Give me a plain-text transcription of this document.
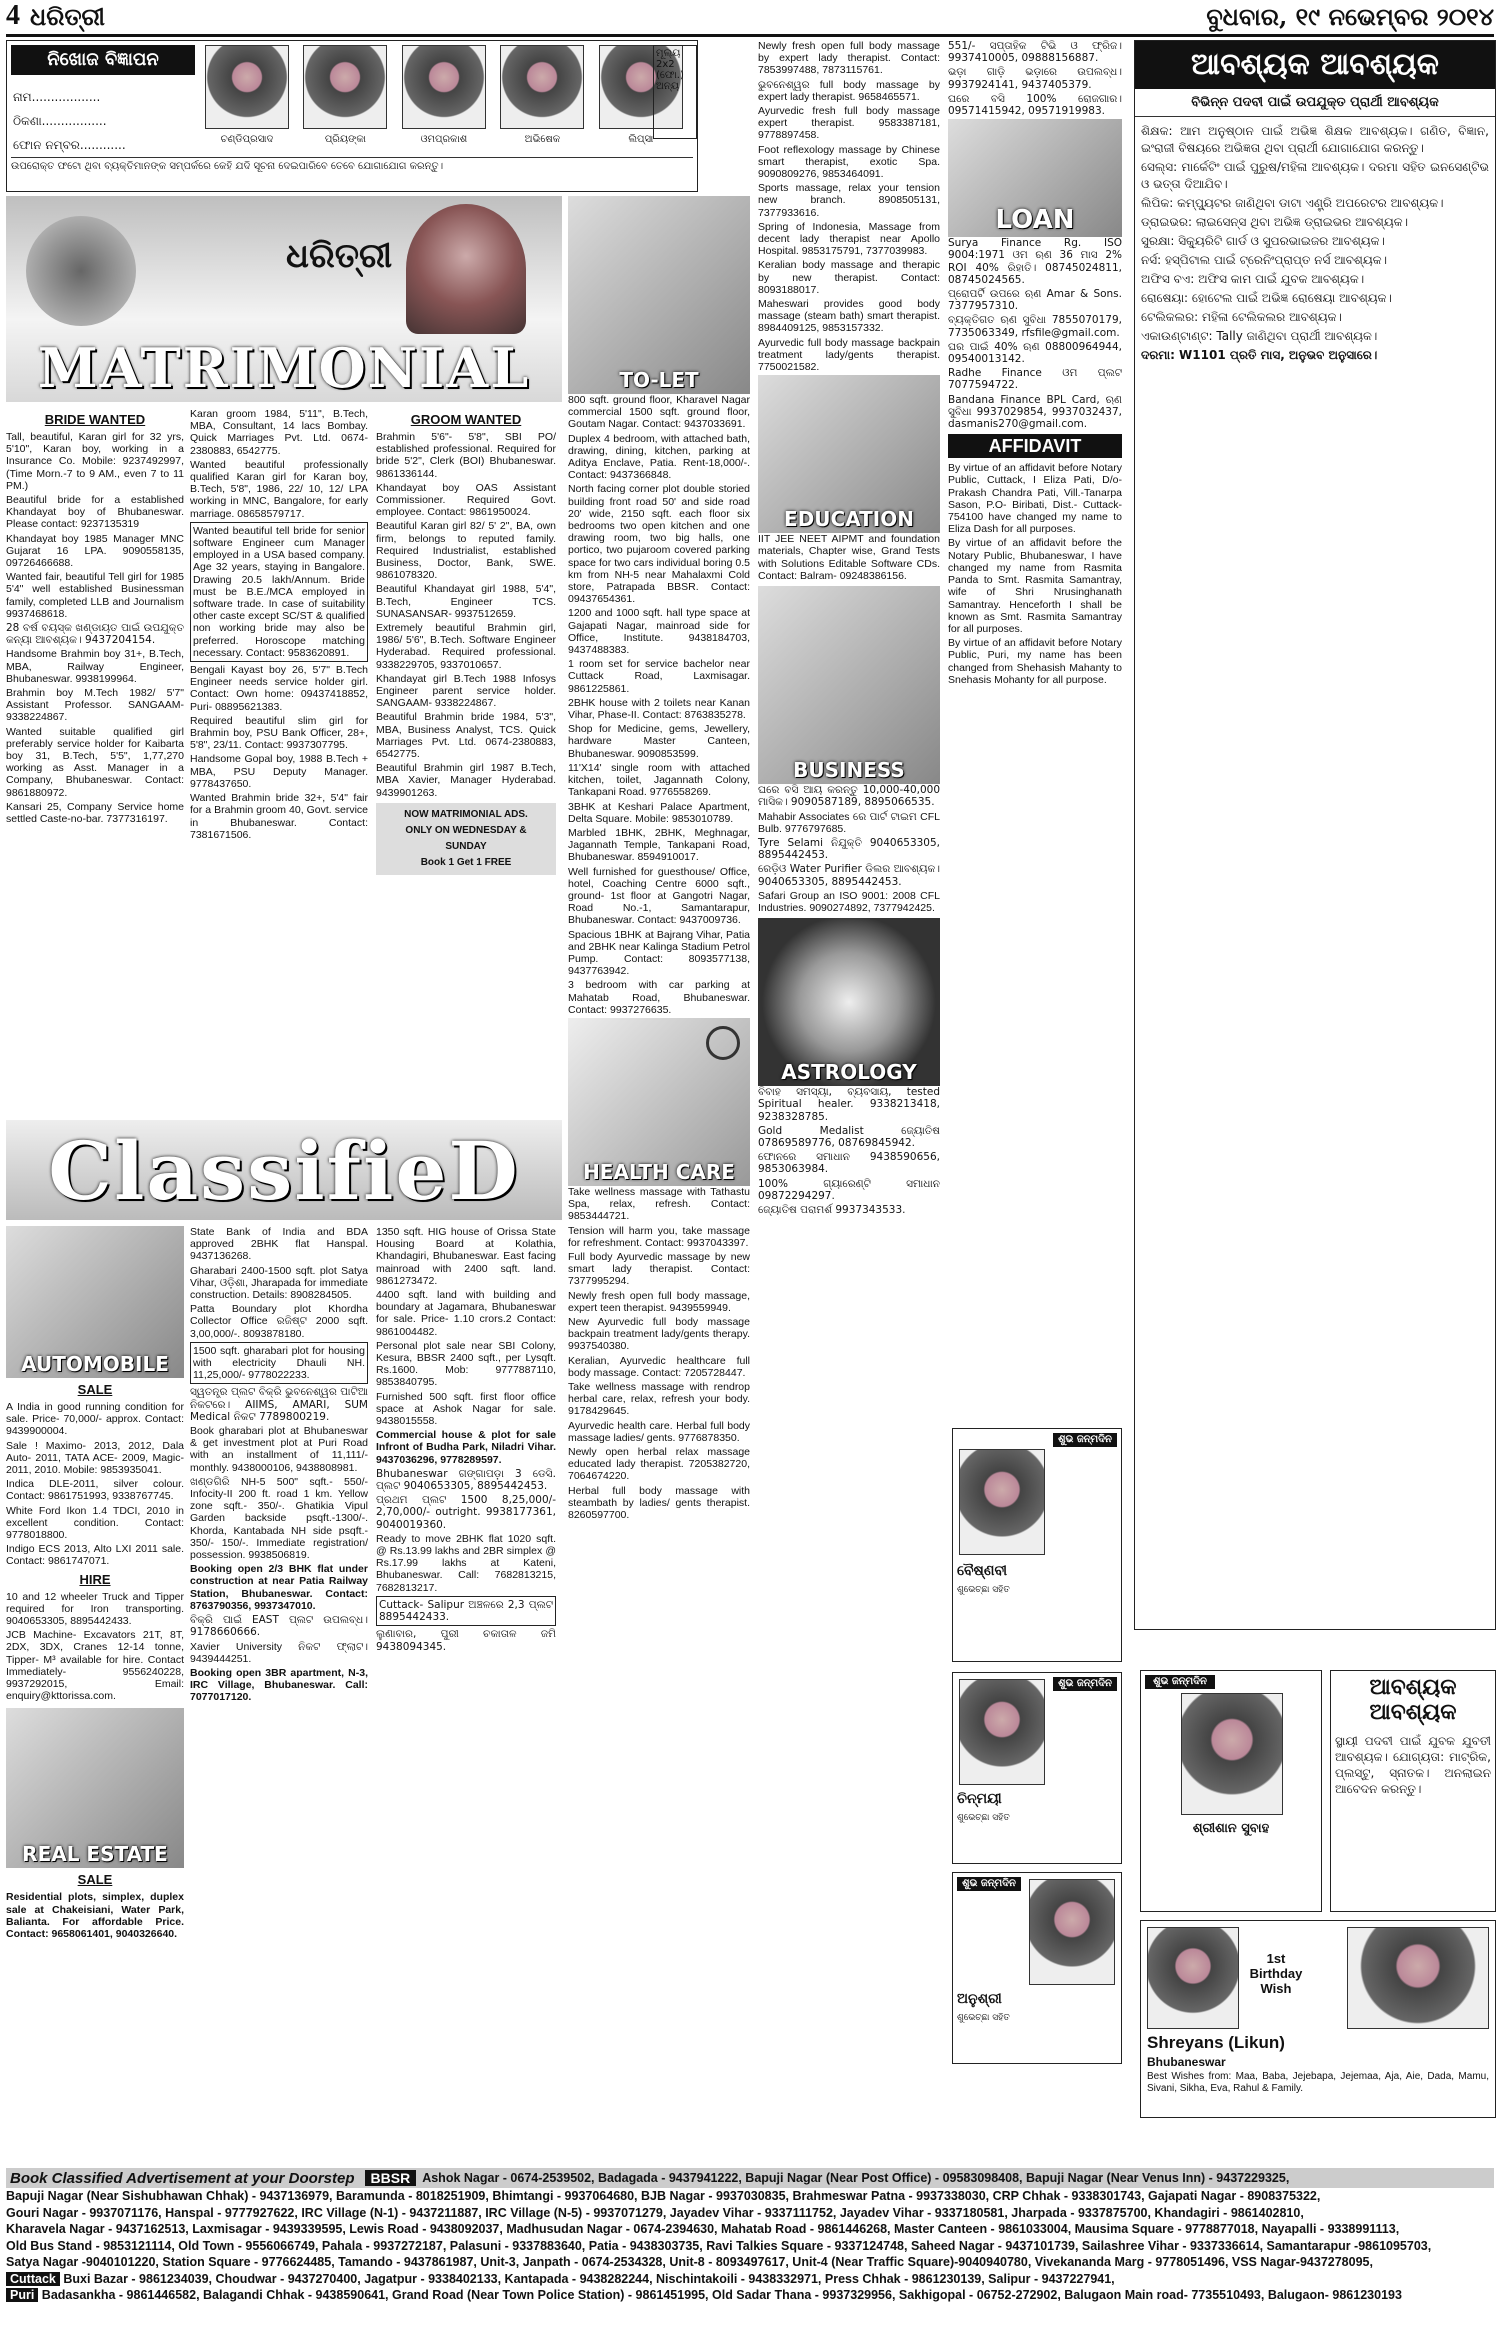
4 ଧରିତ୍ରୀ	ବୁଧବାର, ୧୯ ନଭେମ୍ବର ୨୦୧୪
ନିଖୋଜ ବିଜ୍ଞାପନ
ନାମ..................
ଠିକଣା.................
ଫୋନ ନମ୍ବର............	ଚଣ୍ଡିପ୍ରସାଦ
	ପ୍ରିୟଙ୍କା
	ଓମପ୍ରକାଶ
	ଅଭିଷେକ
	ଲିପ୍ସା
ମୂଲ୍ୟ 2x2 (ଫୋ.) ଅନ୍ୟ
ଉପରୋକ୍ତ ଫଟୋ ଥିବା ବ୍ୟକ୍ତିମାନଙ୍କ ସମ୍ପର୍କରେ କେହି ଯଦି ସୂଚନା ଦେଇପାରିବେ ତେବେ ଯୋଗାଯୋଗ କରନ୍ତୁ।
ଧରିତ୍ରୀ
MATRIMONIAL
BRIDE WANTED

Tall, beautiful, Karan girl for 32 yrs, 5'10", Karan boy, working in a Insurance Co. Mobile: 9237492997, (Time Morn.-7 to 9 AM., even 7 to 11 PM.)

Beautiful bride for a established Khandayat boy of Bhubaneswar. Please contact: 9237135319

Khandayat boy 1985 Manager MNC Gujarat 16 LPA. 9090558135, 09726466688.

Wanted fair, beautiful Tell girl for 1985 5'4" well established Businessman family, completed LLB and Journalism 9937468618.

28 ବର୍ଷ ବୟସ୍କ ଖଣ୍ଡାୟତ ପାଇଁ ଉପଯୁକ୍ତ କନ୍ୟା ଆବଶ୍ୟକ। 9437204154.

Handsome Brahmin boy 31+, B.Tech, MBA, Railway Engineer, Bhubaneswar. 9938199964.

Brahmin boy M.Tech 1982/ 5'7" Assistant Professor. SANGAAM- 9338224867.

Wanted suitable qualified girl preferably service holder for Kaibarta boy 31, B.Tech, 5'5", 1,77,270 working as Asst. Manager in a Company, Bhubaneswar. Contact: 9861880972.

Kansari 25, Company Service home settled Caste-no-bar. 7377316197.

Karan groom 1984, 5'11", B.Tech, MBA, Consultant, 14 lacs Bombay. Quick Marriages Pvt. Ltd. 0674-2380883, 6542775.

Wanted beautiful professionally qualified Karan girl for Karan boy, B.Tech, 5'8", 1986, 22/ 10, 12/ LPA working in MNC, Bangalore, for early marriage. 08658579717.

Wanted beautiful tell bride for senior software Engineer cum Manager employed in a USA based company. Age 32 years, staying in Bangalore. Drawing 20.5 lakh/Annum. Bride must be B.E./MCA employed in software trade. In case of suitability other caste except SC/ST & qualified non working bride may also be preferred. Horoscope matching necessary. Contact: 9583620891.

Bengali Kayast boy 26, 5'7" B.Tech Engineer needs service holder girl. Contact: Own home: 09437418852, Puri- 08895621383.

Required beautiful slim girl for Brahmin boy, PSU Bank Officer, 28+, 5'8", 23/11. Contact: 9937307795.

Handsome Gopal boy, 1988 B.Tech + MBA, PSU Deputy Manager. 9778437650.

Wanted Brahmin bride 32+, 5'4" fair for a Brahmin groom 40, Govt. service in Bhubaneswar. Contact: 7381671506.

GROOM WANTED

Brahmin 5'6"- 5'8", SBI PO/ established professional. Required for bride 5'2", Clerk (BOI) Bhubaneswar. 9861336144.

Khandayat boy OAS Assistant Commissioner. Required Govt. employee. Contact: 9861950024.

Beautiful Karan girl 82/ 5' 2", BA, own firm, belongs to reputed family. Required Industrialist, established Business, Doctor, Bank, SWE. 9861078320.

Beautiful Khandayat girl 1988, 5'4", B.Tech, Engineer TCS. SUNASANSAR- 9937512659.

Extremely beautiful Brahmin girl, 1986/ 5'6", B.Tech. Software Engineer Hyderabad. Required professional. 9338229705, 9337010657.

Khandayat girl B.Tech 1988 Infosys Engineer parent service holder. SANGAAM- 9338224867.

Beautiful Brahmin bride 1984, 5'3", MBA, Business Analyst, TCS. Quick Marriages Pvt. Ltd. 0674-2380883, 6542775.

Beautiful Brahmin girl 1987 B.Tech, MBA Xavier, Manager Hyderabad. 9439901263.

NOW MATRIMONIAL ADS.
ONLY ON WEDNESDAY &
SUNDAY
Book 1 Get 1 FREE
ClassifieD
AUTOMOBILE
SALE

A India in good running condition for sale. Price- 70,000/- approx. Contact: 9439900004.

Sale ! Maximo- 2013, 2012, Dala Auto- 2011, TATA ACE- 2009, Magic- 2011, 2010. Mobile: 9853935041.

Indica DLE-2011, silver colour. Contact: 9861751993, 9338767745.

White Ford Ikon 1.4 TDCI, 2010 in excellent condition. Contact: 9778018800.

Indigo ECS 2013, Alto LXI 2011 sale. Contact: 9861747071.

HIRE

10 and 12 wheeler Truck and Tipper required for Iron transporting. 9040653305, 8895442433.

JCB Machine- Excavators 21T, 8T, 2DX, 3DX, Cranes 12-14 tonne, Tipper- M³ available for hire. Contact Immediately- 9556240228, 9937292015, Email: enquiry@kttorissa.com.

REAL ESTATE
SALE

Residential plots, simplex, duplex sale at Chakeisiani, Water Park, Balianta. For affordable Price. Contact: 9658061401, 9040326640.

State Bank of India and BDA approved 2BHK flat Hanspal. 9437136268.

Gharabari 2400-1500 sqft. plot Satya Vihar, ଓଡ଼ିଶା, Jharapada for immediate construction. Details: 8908284505.

Patta Boundary plot Khordha Collector Office ରଜିଷ୍ଟ 2000 sqft. 3,00,000/-. 8093878180.

1500 sqft. gharabari plot for housing with electricity Dhauli NH. 11,25,000/- 9778022233.

ସ୍ୱତନ୍ତ୍ର ପ୍ଲଟ ବିକ୍ରି ଭୁବନେଶ୍ୱର ପାଟିଆ ନିକଟରେ। AIIMS, AMARI, SUM Medical ନିକଟ 7789800219.

Book gharabari plot at Bhubaneswar & get investment plot at Puri Road with an installment of 11,111/- monthly. 9438000106, 9438808981.

ଖଣ୍ଡଗିରି NH-5 500" sqft.- 550/- Infocity-II 200 ft. road 1 km. Yellow zone sqft.- 350/-. Ghatikia Vipul Garden backside psqft.-1300/-. Khorda, Kantabada NH side psqft.- 350/- 150/-. Immediate registration/ possession. 9938506819.

Booking open 2/3 BHK flat under construction at near Patia Railway Station, Bhubaneswar. Contact: 8763790356, 9937347010.

ବିକ୍ରି ପାଇଁ EAST ପ୍ଲଟ ଉପଲବ୍ଧ। 9178660666.

Xavier University ନିକଟ ଫ୍ଲାଟ। 9439444251.

Booking open 3BR apartment, N-3, IRC Village, Bhubaneswar. Call: 7077017120.

1350 sqft. HIG house of Orissa State Housing Board at Kolathia, Khandagiri, Bhubaneswar. East facing mainroad with 2400 sqft. land. 9861273472.

4400 sqft. land with building and boundary at Jagamara, Bhubaneswar for sale. Price- 1.10 crors.2 Contact: 9861004482.

Personal plot sale near SBI Colony, Kesura, BBSR 2400 sqft., per Lysqft. Rs.1600. Mob: 9777887110, 9853840795.

Furnished 500 sqft. first floor office space at Ashok Nagar for sale. 9438015558.

Commercial house & plot for sale Infront of Budha Park, Niladri Vihar. 9437036296, 9778289597.

Bhubaneswar ଗଙ୍ଗାପଡ଼ା 3 ଡେସି. ପ୍ଲଟ 9040653305, 8895442453.

ପ୍ରଥମ ପ୍ଲଟ 1500 8,25,000/- 2,70,000/- outright. 9938177361, 9040019360.

Ready to move 2BHK flat 1020 sqft. @ Rs.13.99 lakhs and 2BR simplex @ Rs.17.99 lakhs at Kateni, Bhubaneswar. Call: 7682813215, 7682813217.

Cuttack- Salipur ଅଞ୍ଚଳରେ 2,3 ପ୍ଲଟ 8895442433.

ଲୁଣାବାର, ପୁରୀ ଚକାତାଳ ଜମି 9438094345.

TO-LET

800 sqft. ground floor, Kharavel Nagar commercial 1500 sqft. ground floor, Goutam Nagar. Contact: 9437033691.

Duplex 4 bedroom, with attached bath, drawing, dining, kitchen, parking at Aditya Enclave, Patia. Rent-18,000/-. Contact: 9437366848.

North facing corner plot double storied building front road 50' and side road 20' wide, 2150 sqft. each floor six bedrooms two open kitchen and one drawing room, two big halls, one portico, two pujaroom covered parking space for two cars individual boring 0.5 km from NH-5 near Mahalaxmi Cold store, Patrapada BBSR. Contact: 09437654361.

1200 and 1000 sqft. hall type space at Gajapati Nagar, mainroad side for Office, Institute. 9438184703, 9437488383.

1 room set for service bachelor near Cuttack Road, Laxmisagar. 9861225861.

2BHK house with 2 toilets near Kanan Vihar, Phase-II. Contact: 8763835278.

Shop for Medicine, gems, Jewellery, hardware Master Canteen, Bhubaneswar. 9090853599.

11'X14' single room with attached kitchen, toilet, Jagannath Colony, Tankapani Road. 9776558269.

3BHK at Keshari Palace Apartment, Delta Square. Mobile: 9853010789.

Marbled 1BHK, 2BHK, Meghnagar, Jagannath Temple, Tankapani Road, Bhubaneswar. 8594910017.

Well furnished for guesthouse/ Office, hotel, Coaching Centre 6000 sqft., ground- 1st floor at Gangotri Nagar, Road No.-1, Samantarapur, Bhubaneswar. Contact: 9437009736.

Spacious 1BHK at Bajrang Vihar, Patia and 2BHK near Kalinga Stadium Petrol Pump. Contact: 8093577138, 9437763942.

3 bedroom with car parking at Mahatab Road, Bhubaneswar. Contact: 9937276635.

HEALTH CARE

Take wellness massage with Tathastu Spa, relax, refresh. Contact: 9853444721.

Tension will harm you, take massage for refreshment. Contact: 9937043397.

Full body Ayurvedic massage by new smart lady therapist. Contact: 7377995294.

Newly fresh open full body massage, expert teen therapist. 9439559949.

New Ayurvedic full body massage backpain treatment lady/gents therapy. 9937540380.

Keralian, Ayurvedic healthcare full body massage. Contact: 7205728447.

Take wellness massage with rendrop herbal care, relax, refresh your body. 9178429645.

Ayurvedic health care. Herbal full body massage ladies/ gents. 9776878350.

Newly open herbal relax massage educated lady therapist. 7205382720, 7064674220.

Herbal full body massage with steambath by ladies/ gents therapist. 8260597700.

Newly fresh open full body massage by expert lady therapist. Contact: 7853997488, 7873115761.

ଭୁବନେଶ୍ୱର full body massage by expert lady therapist. 9658465571.

Ayurvedic fresh full body massage expert therapist. 9583387181, 9778897458.

Foot reflexology massage by Chinese smart therapist, exotic Spa. 9090809276, 9853464091.

Sports massage, relax your tension new branch. 8908505131, 7377933616.

Spring of Indonesia, Massage from decent lady therapist near Apollo Hospital. 9853175791, 7377039983.

Keralian body massage and therapic by new therapist. Contact: 8093188017.

Maheswari provides good body massage (steam bath) smart therapist. 8984409125, 9853157332.

Ayurvedic full body massage backpain treatment lady/gents therapist. 7750021582.

EDUCATION

IIT JEE NEET AIPMT and foundation materials, Chapter wise, Grand Tests with Solutions Editable Software CDs. Contact: Balram- 09248386156.

BUSINESS

ଘରେ ବସି ଆୟ କରନ୍ତୁ 10,000-40,000 ମାସିକ। 9090587189, 8895066535.

Mahabir Associates ରେ ପାର୍ଟ ଟାଇମ CFL Bulb. 9776797685.

Tyre Selami ନିଯୁକ୍ତି 9040653305, 8895442453.

ରେଡ଼ିଓ Water Purifier ଡିଲର ଆବଶ୍ୟକ। 9040653305, 8895442453.

Safari Group an ISO 9001: 2008 CFL Industries. 9090274892, 7377942425.

ASTROLOGY

ବିବାହ ସମସ୍ୟା, ବ୍ୟବସାୟ, tested Spiritual healer. 9338213418, 9238328785.

Gold Medalist ଜ୍ୟୋତିଷ 07869589776, 08769845942.

ଫୋନରେ ସମାଧାନ 9438590656, 9853063984.

100% ଗ୍ୟାରେଣ୍ଟି ସମାଧାନ 09872294297.

ଜ୍ୟୋତିଷ ପରାମର୍ଶ 9937343533.

551/- ସପ୍ତାହିକ ଟିଭି ଓ ଫ୍ରିଜ। 9937410005, 09888156887.

ଭଡ଼ା ଗାଡ଼ି ଭଡ଼ାରେ ଉପଲବ୍ଧ। 9937924141, 9437405379.

ଘରେ ବସି 100% ରୋଜଗାର। 09571415942, 09571919983.

LOAN

Surya Finance Rg. ISO 9004:1971 ଓମ ଋଣ 36 ମାସ 2% ROI 40% ରିହାତି। 08745024811, 08745024565.

ପ୍ରୋପର୍ଟି ଉପରେ ଋଣ Amar & Sons. 7377957310.

ବ୍ୟକ୍ତିଗତ ଋଣ ସୁବିଧା 7855070179, 7735063349, rfsfile@gmail.com.

ଘର ପାଇଁ 40% ଋଣ 08800964944, 09540013142.

Radhe Finance ଓମ ପ୍ଲଟ 7077594722.

Bandana Finance BPL Card, ଋଣ ସୁବିଧା 9937029854, 9937032437, dasmanis270@gmail.com.

AFFIDAVIT

By virtue of an affidavit before Notary Public, Cuttack, I Eliza Pati, D/o- Prakash Chandra Pati, Vill.-Tanarpa Sason, P.O- Biribati, Dist.- Cuttack- 754100 have changed my name to Eliza Dash for all purposes.

By virtue of an affidavit before the Notary Public, Bhubaneswar, I have changed my name from Rasmita Panda to Smt. Rasmita Samantray, wife of Shri Nrusinghanath Samantray. Henceforth I shall be known as Smt. Rasmita Samantray for all purposes.

By virtue of an affidavit before Notary Public, Puri, my name has been changed from Shehasish Mahanty to Snehasis Mohanty for all purpose.

ଶୁଭ ଜନ୍ମଦିନ
ବୈଷ୍ଣବୀ
ଶୁଭେଚ୍ଛା ସହିତ
ଶୁଭ ଜନ୍ମଦିନ
ଚିନ୍ମୟୀ
ଶୁଭେଚ୍ଛା ସହିତ
ଶୁଭ ଜନ୍ମଦିନ
ଅନୁଶ୍ରୀ
ଶୁଭେଚ୍ଛା ସହିତ
ଆବଶ୍ୟକ ଆବଶ୍ୟକ
ବିଭିନ୍ନ ପଦବୀ ପାଇଁ ଉପଯୁକ୍ତ ପ୍ରାର୍ଥୀ ଆବଶ୍ୟକ

ଶିକ୍ଷକ: ଆମ ଅନୁଷ୍ଠାନ ପାଇଁ ଅଭିଜ୍ଞ ଶିକ୍ଷକ ଆବଶ୍ୟକ। ଗଣିତ, ବିଜ୍ଞାନ, ଇଂରାଜୀ ବିଷୟରେ ଅଭିଜ୍ଞତା ଥିବା ପ୍ରାର୍ଥୀ ଯୋଗାଯୋଗ କରନ୍ତୁ।

ସେଲ୍ସ: ମାର୍କେଟିଂ ପାଇଁ ପୁରୁଷ/ମହିଳା ଆବଶ୍ୟକ। ଦରମା ସହିତ ଇନସେଣ୍ଟିଭ ଓ ଭତ୍ତା ଦିଆଯିବ।

ଲିପିକ: କମ୍ପ୍ୟୁଟର ଜାଣିଥିବା ଡାଟା ଏଣ୍ଟ୍ରି ଅପରେଟର ଆବଶ୍ୟକ।

ଡ୍ରାଇଭର: ଲାଇସେନ୍ସ ଥିବା ଅଭିଜ୍ଞ ଡ୍ରାଇଭର ଆବଶ୍ୟକ।

ସୁରକ୍ଷା: ସିକ୍ୟୁରିଟି ଗାର୍ଡ ଓ ସୁପରଭାଇଜର ଆବଶ୍ୟକ।

ନର୍ସ: ହସ୍ପିଟାଲ ପାଇଁ ଟ୍ରେନିଂପ୍ରାପ୍ତ ନର୍ସ ଆବଶ୍ୟକ।

ଅଫିସ ବଏ: ଅଫିସ କାମ ପାଇଁ ଯୁବକ ଆବଶ୍ୟକ।

ରୋଷେୟା: ହୋଟେଲ ପାଇଁ ଅଭିଜ୍ଞ ରୋଷେୟା ଆବଶ୍ୟକ।

ଟେଲିକଲର: ମହିଳା ଟେଲିକଲର ଆବଶ୍ୟକ।

ଏକାଉଣ୍ଟାଣ୍ଟ: Tally ଜାଣିଥିବା ପ୍ରାର୍ଥୀ ଆବଶ୍ୟକ।

ଦରମା: W1101 ପ୍ରତି ମାସ, ଅନୁଭବ ଅନୁସାରେ।

ଶୁଭ ଜନ୍ମଦିନ
ଶ୍ରୀଶାନ ସୁବାହ
ଆବଶ୍ୟକ ଆବଶ୍ୟକ
ସ୍ଥାୟୀ ପଦବୀ ପାଇଁ ଯୁବକ ଯୁବତୀ ଆବଶ୍ୟକ। ଯୋଗ୍ୟତା: ମାଟ୍ରିକ, ପ୍ଲସ୍‌ଟୁ, ସ୍ନାତକ। ଅନଲାଇନ ଆବେଦନ କରନ୍ତୁ।
1st Birthday Wish
Shreyans (Likun)
Bhubaneswar
Best Wishes from: Maa, Baba, Jejebapa, Jejemaa, Aja, Aie, Dada, Mamu, Sivani, Sikha, Eva, Rahul & Family.
Book Classified Advertisement at your Doorstep	BBSR Ashok Nagar - 0674-2539502, Badagada - 9437941222, Bapuji Nagar (Near Post Office) - 09583098408, Bapuji Nagar (Near Venus Inn) - 9437229325,
Bapuji Nagar (Near Sishubhawan Chhak) - 9437136979, Baramunda - 8018251909, Bhimtangi - 9937064680, BJB Nagar - 9937030835, Brahmeswar Patna - 9937338030, CRP Chhak - 9338301743, Gajapati Nagar - 8908375322,
Gouri Nagar - 9937071176, Hanspal - 9777927622, IRC Village (N-1) - 9437211887, IRC Village (N-5) - 9937071279, Jayadev Vihar - 9337111752, Jayadev Vihar - 9337180581, Jharpada - 9337875700, Khandagiri - 9861402810,
Kharavela Nagar - 9437162513, Laxmisagar - 9439339595, Lewis Road - 9438092037, Madhusudan Nagar - 0674-2394630, Mahatab Road - 9861446268, Master Canteen - 9861033004, Mausima Square - 9778877018, Nayapalli - 9338991113,
Old Bus Stand - 9853121114, Old Town - 9556066749, Pahala - 9937272187, Palasuni - 9337883640, Patia - 9438303735, Ravi Talkies Square - 9337124748, Saheed Nagar - 9437101739, Sailashree Vihar - 9337336614, Samantarapur -9861095703,
Satya Nagar -9040101220, Station Square - 9776624485, Tamando - 9437861987, Unit-3, Janpath - 0674-2534328, Unit-8 - 8093497617, Unit-4 (Near Traffic Square)-9040940780, Vivekananda Marg - 9778051496, VSS Nagar-9437278095,
Cuttack Buxi Bazar - 9861234039, Choudwar - 9437270400, Jagatpur - 9338402133, Kantapada - 9438282244, Nischintakoili - 9438332971, Press Chhak - 9861230139, Salipur - 9437227941,
Puri Badasankha - 9861446582, Balagandi Chhak - 9438590641, Grand Road (Near Town Police Station) - 9861451995, Old Sadar Thana - 9937329956, Sakhigopal - 06752-272902, Balugaon Main road- 7735510493, Balugaon- 9861230193
